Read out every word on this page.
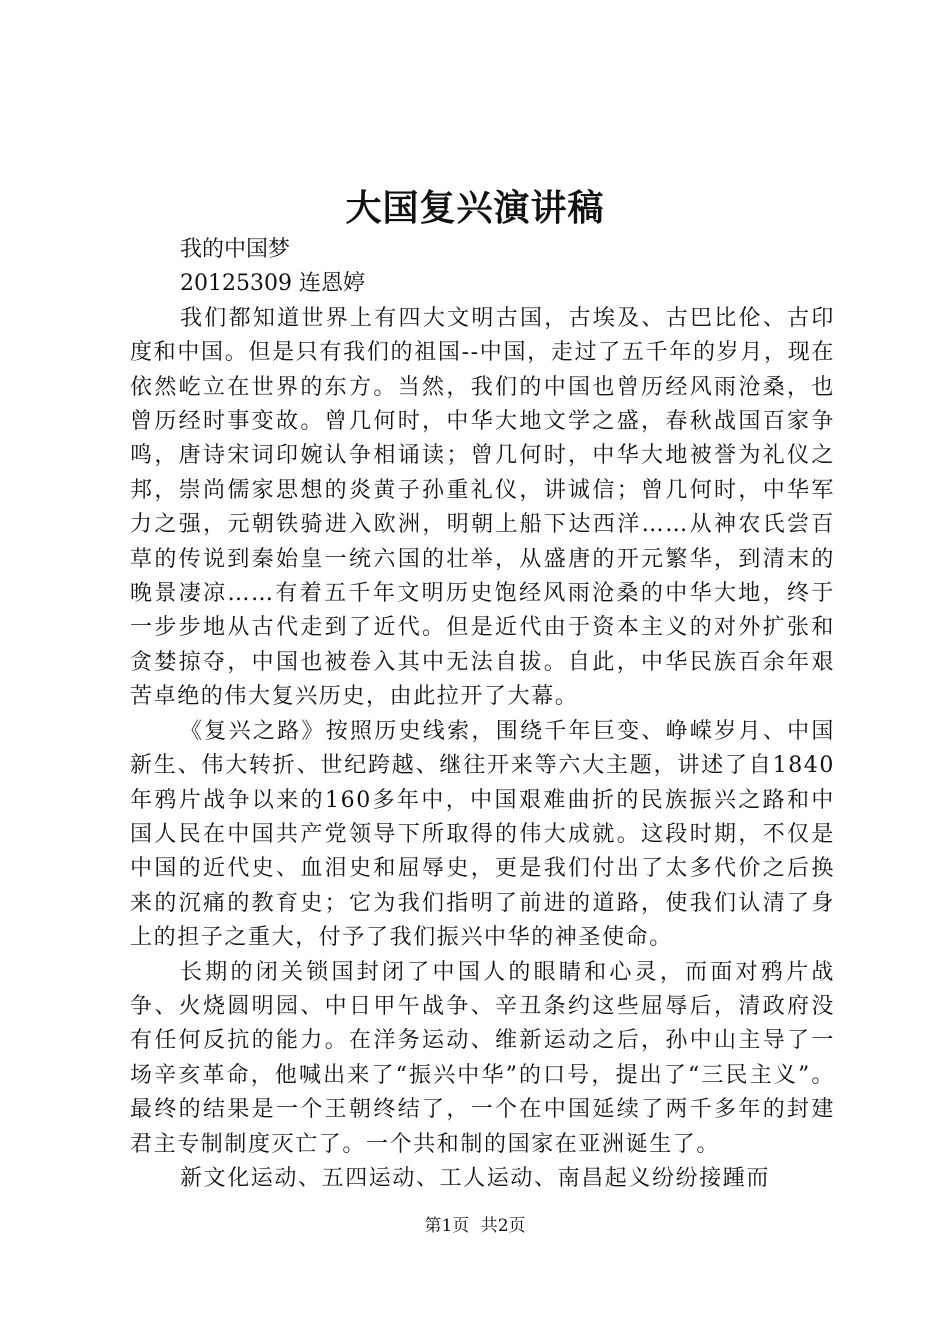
大国复兴演讲稿

我的中国梦

20125309 连恩婷

我们都知道世界上有四大文明古国，古埃及、古巴比伦、古印度和中国。但是只有我们的祖国--中国，走过了五千年的岁月，现在依然屹立在世界的东方。当然，我们的中国也曾历经风雨沧桑，也曾历经时事变故。曾几何时，中华大地文学之盛，春秋战国百家争鸣，唐诗宋词印婉认争相诵读；曾几何时，中华大地被誉为礼仪之邦，崇尚儒家思想的炎黄子孙重礼仪，讲诚信；曾几何时，中华军力之强，元朝铁骑进入欧洲，明朝上船下达西洋……从神农氏尝百草的传说到秦始皇一统六国的壮举，从盛唐的开元繁华，到清末的晚景凄凉……有着五千年文明历史饱经风雨沧桑的中华大地，终于一步步地从古代走到了近代。但是近代由于资本主义的对外扩张和贪婪掠夺，中国也被卷入其中无法自拔。自此，中华民族百余年艰苦卓绝的伟大复兴历史，由此拉开了大幕。

《复兴之路》按照历史线索，围绕千年巨变、峥嵘岁月、中国新生、伟大转折、世纪跨越、继往开来等六大主题，讲述了自1840年鸦片战争以来的160多年中，中国艰难曲折的民族振兴之路和中国人民在中国共产党领导下所取得的伟大成就。这段时期，不仅是中国的近代史、血泪史和屈辱史，更是我们付出了太多代价之后换来的沉痛的教育史；它为我们指明了前进的道路，使我们认清了身上的担子之重大，付予了我们振兴中华的神圣使命。

长期的闭关锁国封闭了中国人的眼睛和心灵，而面对鸦片战争、火烧圆明园、中日甲午战争、辛丑条约这些屈辱后，清政府没有任何反抗的能力。在洋务运动、维新运动之后，孙中山主导了一场辛亥革命，他喊出来了“振兴中华”的口号，提出了“三民主义”。最终的结果是一个王朝终结了，一个在中国延续了两千多年的封建君主专制制度灭亡了。一个共和制的国家在亚洲诞生了。

新文化运动、五四运动、工人运动、南昌起义纷纷接踵而

第1页 共2页
